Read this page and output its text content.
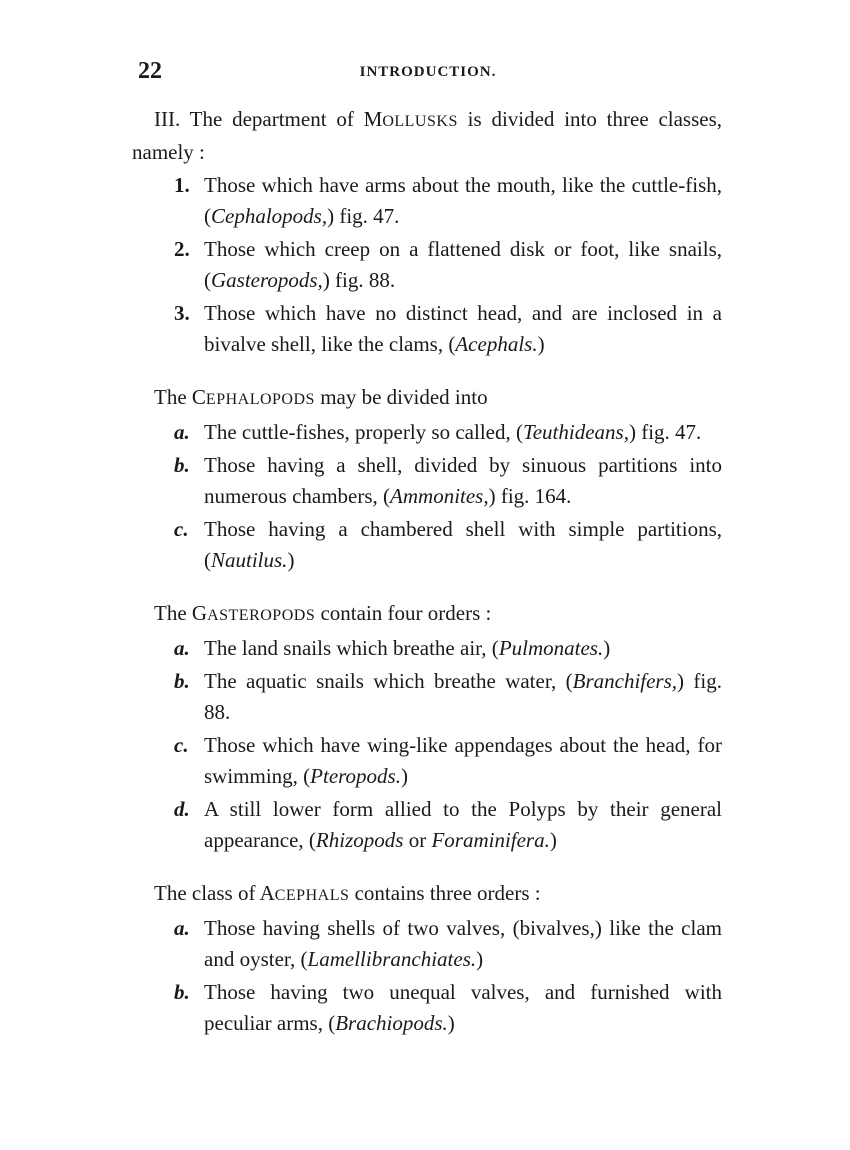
22	INTRODUCTION.

III. The department of MOLLUSKS is divided into three classes, namely :

1. Those which have arms about the mouth, like the cuttle-fish, (Cephalopods,) fig. 47.
2. Those which creep on a flattened disk or foot, like snails, (Gasteropods,) fig. 88.
3. Those which have no distinct head, and are inclosed in a bivalve shell, like the clams, (Acephals.)

The CEPHALOPODS may be divided into

a. The cuttle-fishes, properly so called, (Teuthideans,) fig. 47.
b. Those having a shell, divided by sinuous partitions into numerous chambers, (Ammonites,) fig. 164.
c. Those having a chambered shell with simple partitions, (Nautilus.)

The GASTEROPODS contain four orders :

a. The land snails which breathe air, (Pulmonates.)
b. The aquatic snails which breathe water, (Branchifers,) fig. 88.
c. Those which have wing-like appendages about the head, for swimming, (Pteropods.)
d. A still lower form allied to the Polyps by their general appearance, (Rhizopods or Foraminifera.)

The class of ACEPHALS contains three orders :

a. Those having shells of two valves, (bivalves,) like the clam and oyster, (Lamellibranchiates.)
b. Those having two unequal valves, and furnished with peculiar arms, (Brachiopods.)
